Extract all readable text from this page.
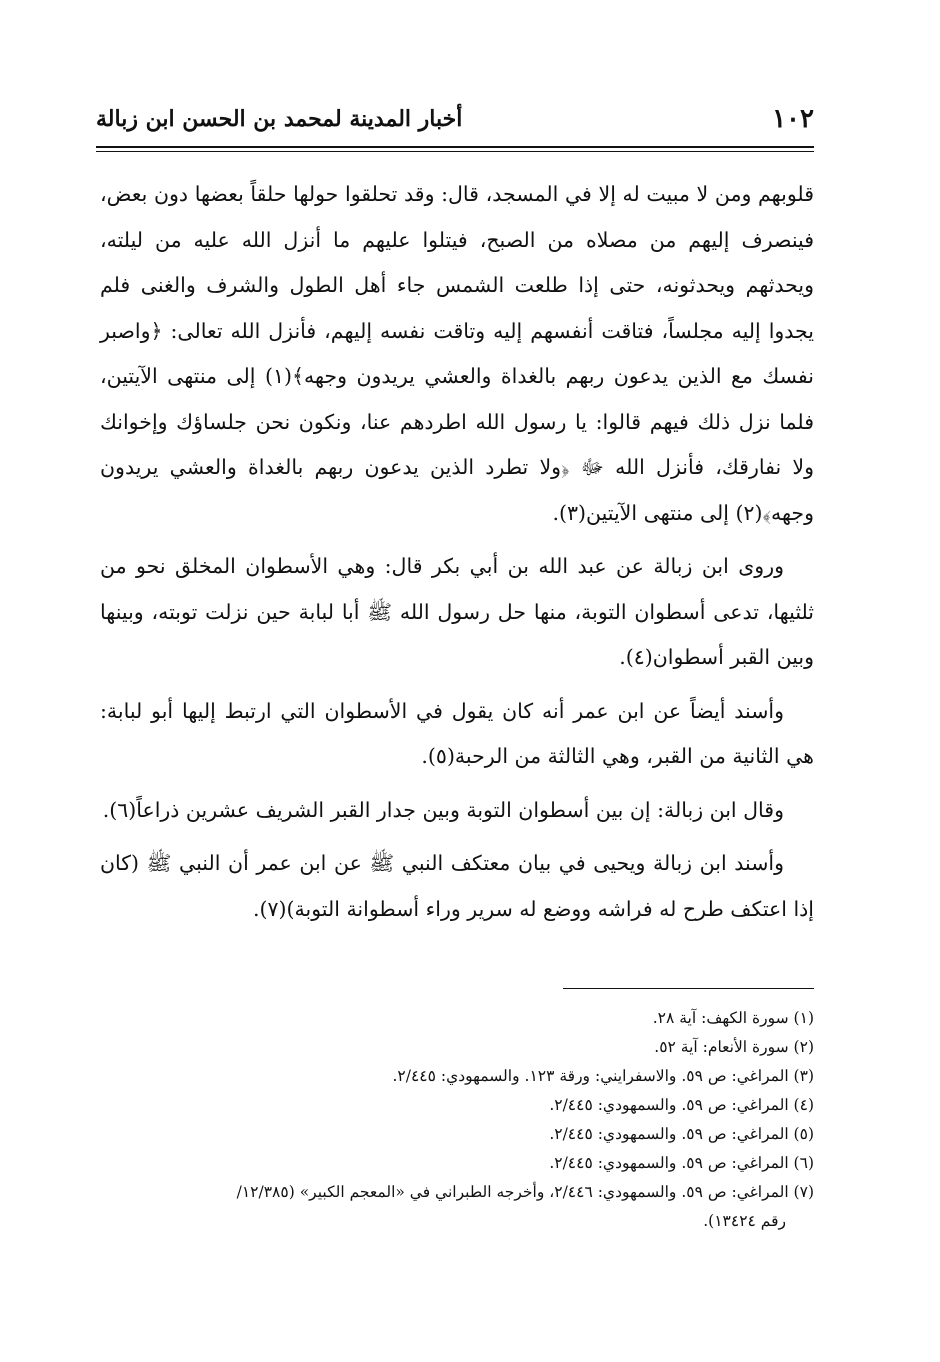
١٠٢
أخبار المدينة لمحمد بن الحسن ابن زبالة

قلوبهم ومن لا مبيت له إلا في المسجد، قال: وقد تحلقوا حولها حلقاً بعضها دون بعض، فينصرف إليهم من مصلاه من الصبح، فيتلوا عليهم ما أنزل الله عليه من ليلته، ويحدثهم ويحدثونه، حتى إذا طلعت الشمس جاء أهل الطول والشرف والغنى فلم يجدوا إليه مجلساً، فتاقت أنفسهم إليه وتاقت نفسه إليهم، فأنزل الله تعالى: ﴿واصبر نفسك مع الذين يدعون ربهم بالغداة والعشي يريدون وجهه﴾(١) إلى منتهى الآيتين، فلما نزل ذلك فيهم قالوا: يا رسول الله اطردهم عنا، ونكون نحن جلساؤك وإخوانك ولا نفارقك، فأنزل الله ﷻ ﴿ولا تطرد الذين يدعون ربهم بالغداة والعشي يريدون وجهه﴾(٢) إلى منتهى الآيتين(٣).

وروى ابن زبالة عن عبد الله بن أبي بكر قال: وهي الأسطوان المخلق نحو من ثلثيها، تدعى أسطوان التوبة، منها حل رسول الله ﷺ أبا لبابة حين نزلت توبته، وبينها وبين القبر أسطوان(٤).

وأسند أيضاً عن ابن عمر أنه كان يقول في الأسطوان التي ارتبط إليها أبو لبابة: هي الثانية من القبر، وهي الثالثة من الرحبة(٥).

وقال ابن زبالة: إن بين أسطوان التوبة وبين جدار القبر الشريف عشرين ذراعاً(٦).

وأسند ابن زبالة ويحيى في بيان معتكف النبي ﷺ عن ابن عمر أن النبي ﷺ (كان إذا اعتكف طرح له فراشه ووضع له سرير وراء أسطوانة التوبة)(٧).

(١) سورة الكهف: آية ٢٨.
(٢) سورة الأنعام: آية ٥٢.
(٣) المراغي: ص ٥٩. والاسفرايني: ورقة ١٢٣. والسمهودي: ٢/٤٤٥.
(٤) المراغي: ص ٥٩. والسمهودي: ٢/٤٤٥.
(٥) المراغي: ص ٥٩. والسمهودي: ٢/٤٤٥.
(٦) المراغي: ص ٥٩. والسمهودي: ٢/٤٤٥.
(٧) المراغي: ص ٥٩. والسمهودي: ٢/٤٤٦، وأخرجه الطبراني في «المعجم الكبير» (١٢/٣٨٥/
رقم ١٣٤٢٤).
